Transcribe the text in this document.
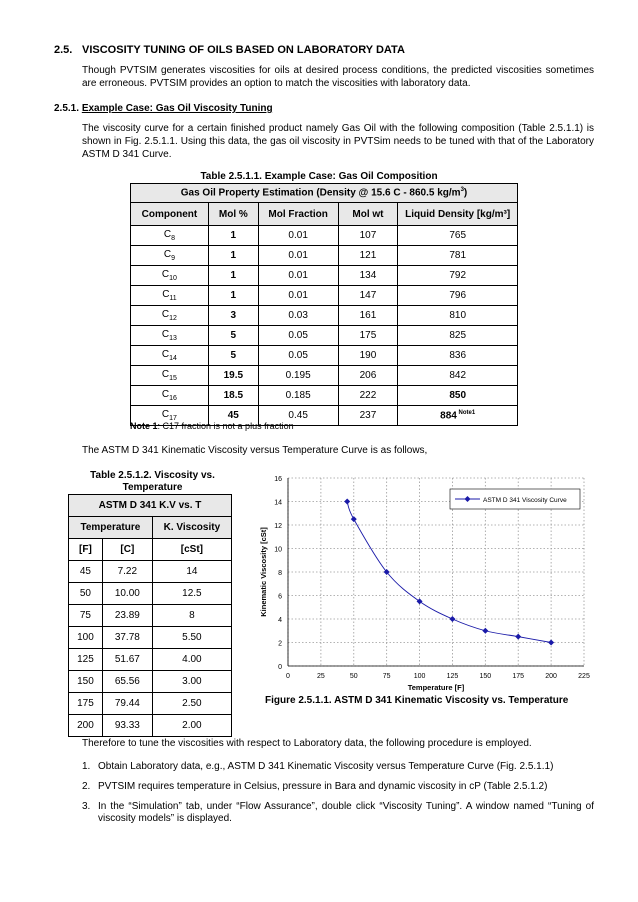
2.5. VISCOSITY TUNING OF OILS BASED ON LABORATORY DATA
Though PVTSIM generates viscosities for oils at desired process conditions, the predicted viscosities sometimes are erroneous. PVTSIM provides an option to match the viscosities with laboratory data.
2.5.1. Example Case: Gas Oil Viscosity Tuning
The viscosity curve for a certain finished product namely Gas Oil with the following composition (Table 2.5.1.1) is shown in Fig. 2.5.1.1. Using this data, the gas oil viscosity in PVTSim needs to be tuned with that of the Laboratory ASTM D 341 Curve.
Table 2.5.1.1. Example Case: Gas Oil Composition
Gas Oil Property Estimation (Density @ 15.6 C - 860.5 $kg/m^3$)				
Component	Mol %	Mol Fraction	Mol wt	Liquid Density [kg/m³]
$C_8$	1	0.01	107	765
$C_9$	1	0.01	121	781
$C_{10}$	1	0.01	134	792
$C_{11}$	1	0.01	147	796
$C_{12}$	3	0.03	161	810
$C_{13}$	5	0.05	175	825
$C_{14}$	5	0.05	190	836
$C_{15}$	19.5	0.195	206	842
$C_{16}$	18.5	0.185	222	850
$C_{17}$	45	0.45	237	884 $^{Note1}$
Note 1: C17 fraction is not a plus fraction
The ASTM D 341 Kinematic Viscosity versus Temperature Curve is as follows,
Table 2.5.1.2. Viscosity vs. Temperature
ASTM D 341 K.V vs. T		
Temperature		K. Viscosity
[F]	[C]	[cSt]
45	7.22	14
50	10.00	12.5
75	23.89	8
100	37.78	5.50
125	51.67	4.00
150	65.56	3.00
175	79.44	2.50
200	93.33	2.00
0
2
4
6
8
10
12
14
16
0	25	50	75	100	125	150	175	200	225
Temperature [F]
Kinematic Viscosity [cSt]
ASTM D 341 Viscosity Curve
Figure 2.5.1.1. ASTM D 341 Kinematic Viscosity vs. Temperature
Therefore to tune the viscosities with respect to Laboratory data, the following procedure is employed.
1. Obtain Laboratory data, e.g., ASTM D 341 Kinematic Viscosity versus Temperature Curve (Fig. 2.5.1.1)
2. PVTSIM requires temperature in Celsius, pressure in Bara and dynamic viscosity in cP (Table 2.5.1.2)
3. In the “Simulation” tab, under “Flow Assurance”, double click “Viscosity Tuning”. A window named “Tuning of viscosity models” is displayed.
